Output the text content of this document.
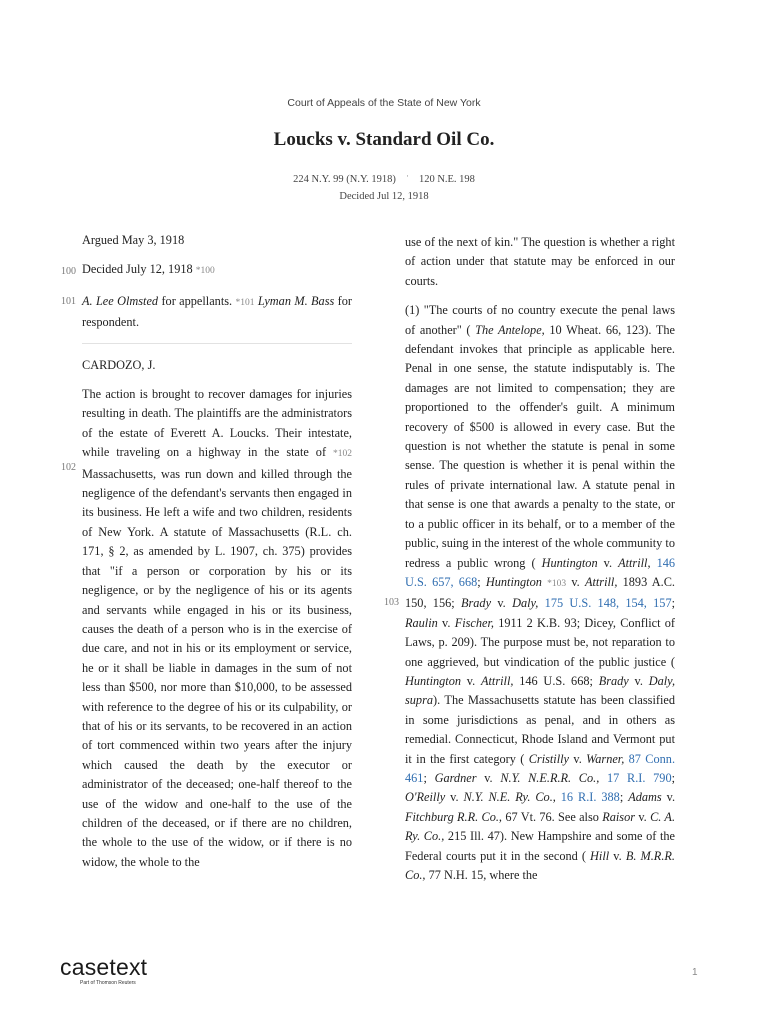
Court of Appeals of the State of New York
Loucks v. Standard Oil Co.
224 N.Y. 99 (N.Y. 1918) · 120 N.E. 198
Decided Jul 12, 1918
100
101
102
103

Argued May 3, 1918

Decided July 12, 1918 *100

A. Lee Olmsted for appellants. *101 Lyman M. Bass for respondent.

CARDOZO, J.

The action is brought to recover damages for injuries resulting in death. The plaintiffs are the administrators of the estate of Everett A. Loucks. Their intestate, while traveling on a highway in the state of *102 Massachusetts, was run down and killed through the negligence of the defendant's servants then engaged in its business. He left a wife and two children, residents of New York. A statute of Massachusetts (R.L. ch. 171, § 2, as amended by L. 1907, ch. 375) provides that "if a person or corporation by his or its negligence, or by the negligence of his or its agents and servants while engaged in his or its business, causes the death of a person who is in the exercise of due care, and not in his or its employment or service, he or it shall be liable in damages in the sum of not less than $500, nor more than $10,000, to be assessed with reference to the degree of his or its culpability, or that of his or its servants, to be recovered in an action of tort commenced within two years after the injury which caused the death by the executor or administrator of the deceased; one-half thereof to the use of the widow and one-half to the use of the children of the deceased, or if there are no children, the whole to the use of the widow, or if there is no widow, the whole to the

use of the next of kin." The question is whether a right of action under that statute may be enforced in our courts.

(1) "The courts of no country execute the penal laws of another" ( The Antelope, 10 Wheat. 66, 123). The defendant invokes that principle as applicable here. Penal in one sense, the statute indisputably is. The damages are not limited to compensation; they are proportioned to the offender's guilt. A minimum recovery of $500 is allowed in every case. But the question is not whether the statute is penal in some sense. The question is whether it is penal within the rules of private international law. A statute penal in that sense is one that awards a penalty to the state, or to a public officer in its behalf, or to a member of the public, suing in the interest of the whole community to redress a public wrong ( Huntington v. Attrill, 146 U.S. 657, 668; Huntington *103 v. Attrill, 1893 A.C. 150, 156; Brady v. Daly, 175 U.S. 148, 154, 157; Raulin v. Fischer, 1911 2 K.B. 93; Dicey, Conflict of Laws, p. 209). The purpose must be, not reparation to one aggrieved, but vindication of the public justice ( Huntington v. Attrill, 146 U.S. 668; Brady v. Daly, supra). The Massachusetts statute has been classified in some jurisdictions as penal, and in others as remedial. Connecticut, Rhode Island and Vermont put it in the first category ( Cristilly v. Warner, 87 Conn. 461; Gardner v. N.Y. N.E.R.R. Co., 17 R.I. 790; O'Reilly v. N.Y. N.E. Ry. Co., 16 R.I. 388; Adams v. Fitchburg R.R. Co., 67 Vt. 76. See also Raisor v. C. A. Ry. Co., 215 Ill. 47). New Hampshire and some of the Federal courts put it in the second ( Hill v. B. M.R.R. Co., 77 N.H. 15, where the

casetext
Part of Thomson Reuters
1
